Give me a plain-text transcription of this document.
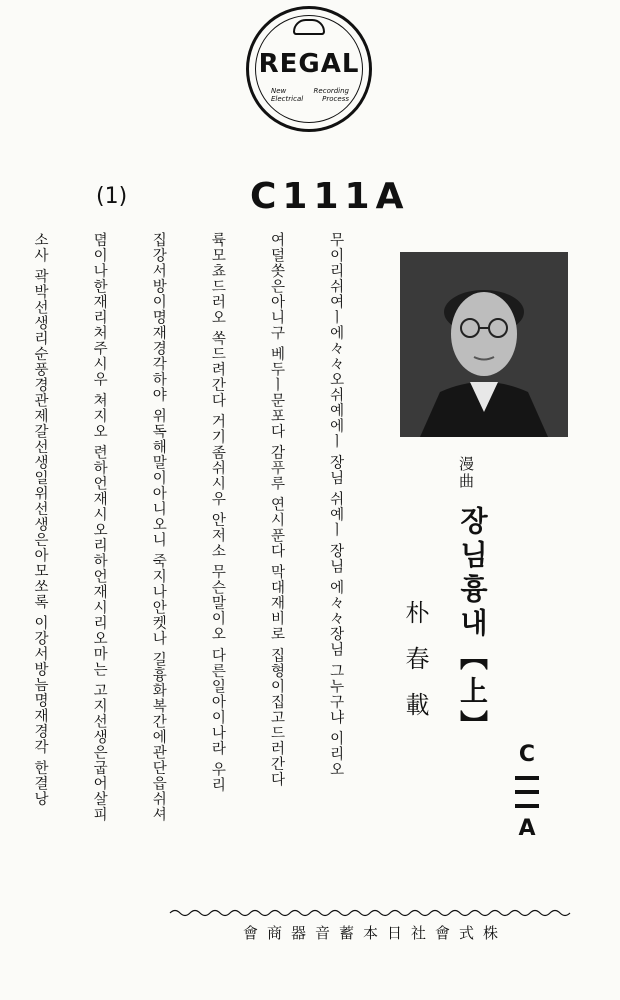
REGAL
New
Electrical
Recording
Process
(1)	C111A

무이리쉬여ㅣ에々々오쉬예에ㅣ 장님 쉬예ㅣ 장님 에々々장님 그누구냐 이리오

여덜쏫은아니구 베두ㅣ문포다 감푸루 연시푼다 막대재비로 집형이집고드러간다

륙모쵸드러오 쏙드려간다 거기좀쉬시우 안저소 무슨말이오 다른일아이나라 우리

집강서방이명재경각하야 위독해말이아니오니 죽지나안켓나 길흉화복간에관단읍쉬셔

뎜이나한재리처주시우 쳐지오 련하언재시오리하언재시리오마는 고지선생은굽어살피

소사 곽박선생리순풍경관제갈선생일위선생은아모쏘록 이강서방늠명재경각 한결낭

	漫曲
장님흉내【上】
朴春載
C
A
株式會社日本蓄音器商會
